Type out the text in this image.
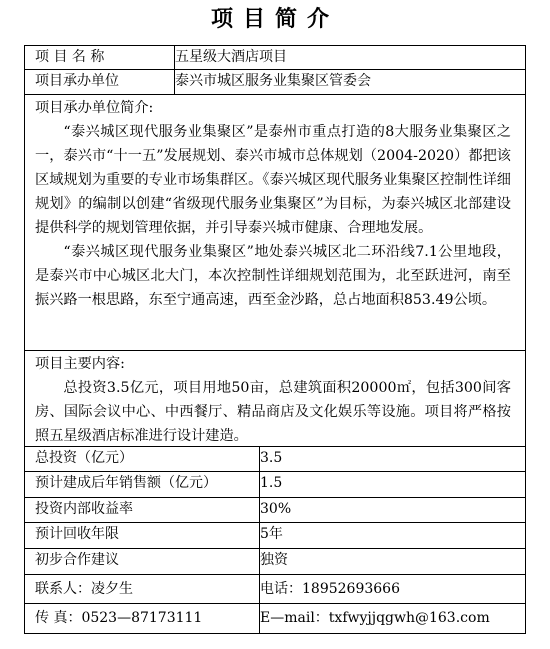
项目简介
项 目 名 称	五星级大酒店项目
项目承办单位	泰兴市城区服务业集聚区管委会
项目承办单位简介:

“泰兴城区现代服务业集聚区”是泰州市重点打造的8大服务业集聚区之一，泰兴市“十一五”发展规划、泰兴市城市总体规划（2004-2020）都把该区域规划为重要的专业市场集群区。《泰兴城区现代服务业集聚区控制性详细规划》的编制以创建“省级现代服务业集聚区”为目标，为泰兴城区北部建设提供科学的规划管理依据，并引导泰兴城市健康、合理地发展。

“泰兴城区现代服务业集聚区”地处泰兴城区北二环沿线7.1公里地段，是泰兴市中心城区北大门，本次控制性详细规划范围为，北至跃进河，南至振兴路一根思路，东至宁通高速，西至金沙路，总占地面积853.49公顷。

项目主要内容:

总投资3.5亿元，项目用地50亩，总建筑面积20000㎡，包括300间客房、国际会议中心、中西餐厅、精品商店及文化娱乐等设施。项目将严格按照五星级酒店标准进行设计建造。

总投资（亿元）	3.5
预计建成后年销售额（亿元）	1.5
投资内部收益率	30%
预计回收年限	5年
初步合作建议	独资
联系人：凌夕生	电话：18952693666
传 真：0523—87173111	E—mail：txfwyjjqgwh@163.com
